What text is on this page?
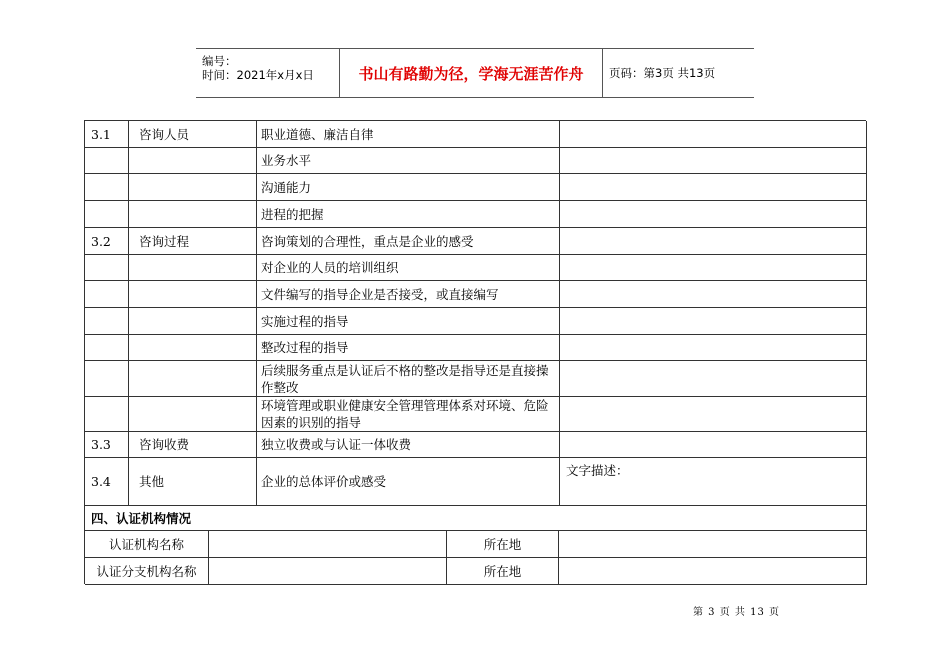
编号：
时间：2021年x月x日	书山有路勤为径，学海无涯苦作舟	页码：第3页 共13页
3.1	咨询人员	职业道德、廉洁自律
业务水平
沟通能力
进程的把握
3.2	咨询过程	咨询策划的合理性，重点是企业的感受
对企业的人员的培训组织
文件编写的指导企业是否接受，或直接编写
实施过程的指导
整改过程的指导
后续服务重点是认证后不格的整改是指导还是直接操作整改
环境管理或职业健康安全管理管理体系对环境、危险因素的识别的指导
3.3	咨询收费	独立收费或与认证一体收费
3.4	其他	企业的总体评价或感受
文字描述：
四、认证机构情况
认证机构名称	所在地
认证分支机构名称	所在地
第 3 页 共 13 页
